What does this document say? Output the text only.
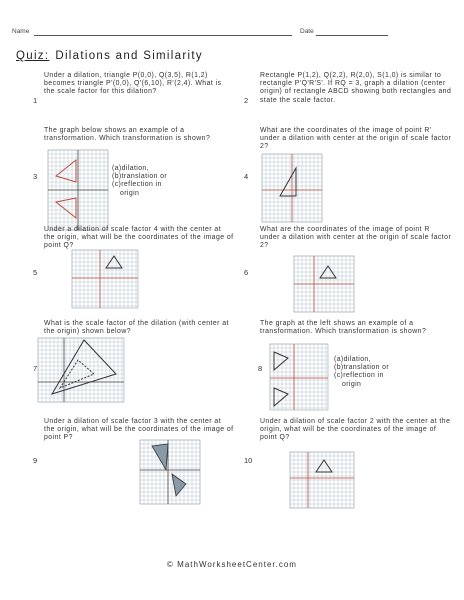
Name	Date
Quiz: Dilations and Similarity
Under a dilation, triangle P(0,0), Q(3,5), R(1,2) becomes triangle P'(0,0), Q'(6,10), R'(2,4). What is the scale factor for this dilation?
1
Rectangle P(1,2), Q(2,2), R(2,0), S(1,0) is similar to rectangle P'Q'R'S'. If RQ = 3, graph a dilation (center origin) of rectangle ABCD showing both rectangles and state the scale factor.
2
The graph below shows an example of a transformation. Which transformation is shown?
3
(a)dilation,
(b)translation or
(c)reflection in
origin
What are the coordinates of the image of point R' under a dilation with center at the origin of scale factor 2?
4
Under a dilation of scale factor 4 with the center at the origin, what will be the coordinates of the image of point Q?
5
What are the coordinates of the image of point R under a dilation with center at the origin of scale factor 2?
6
What is the scale factor of the dilation (with center at the origin) shown below?
7
The graph at the left shows an example of a transformation. Which transformation is shown?
8
(a)dilation,
(b)translation or
(c)reflection in
origin
Under a dilation of scale factor 3 with the center at the origin, what will be the coordinates of the image of point P?
9
Under a dilation of scale factor 2 with the center at the origin, what will be the coordinates of the image of point Q?
10
© MathWorksheetCenter.com
